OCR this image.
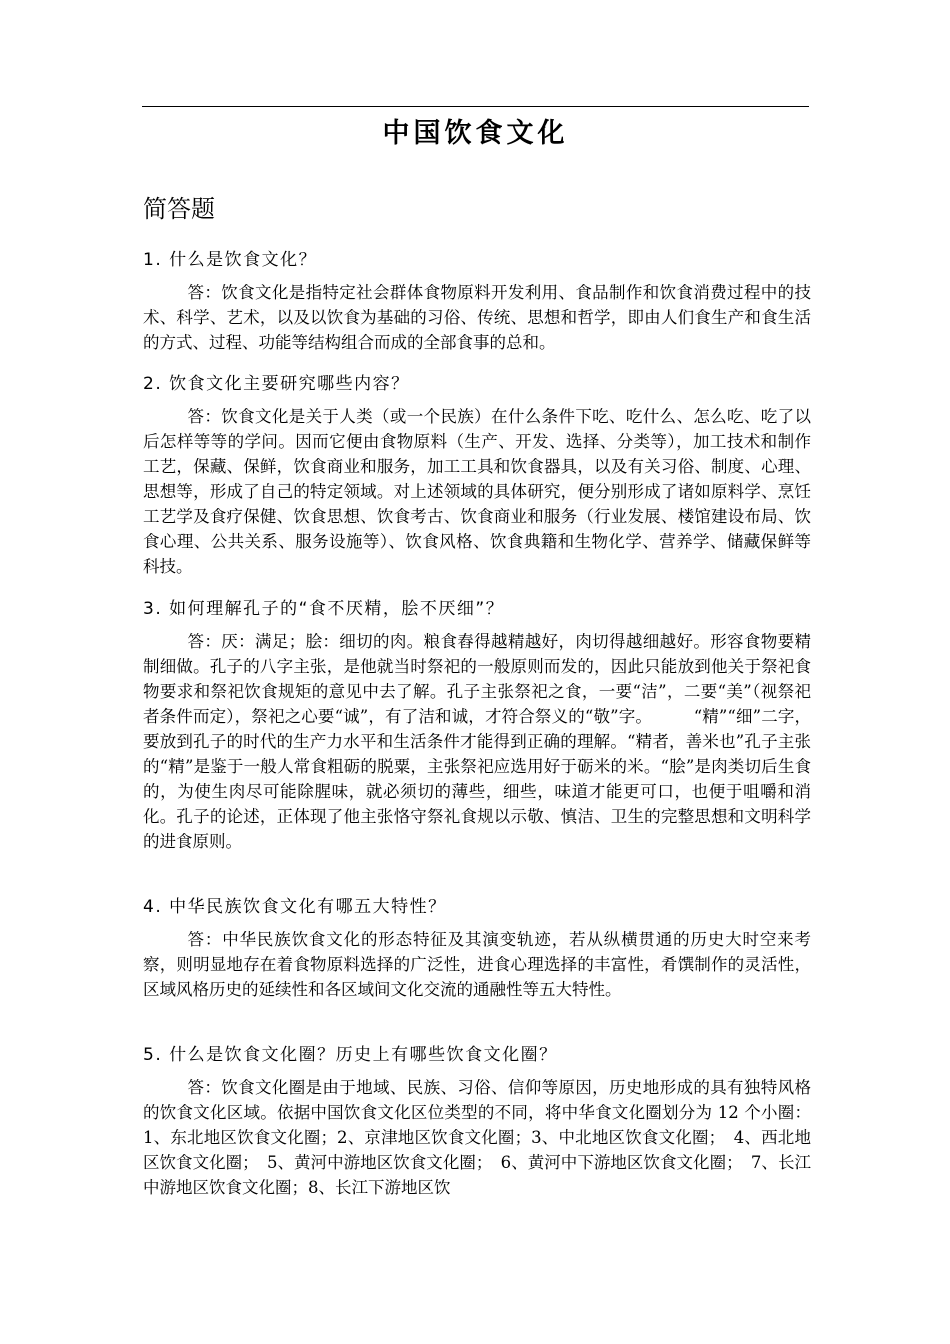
中国饮食文化
简答题
1. 什么是饮食文化？
答：饮食文化是指特定社会群体食物原料开发利用、食品制作和饮食消费过程中的技术、科学、艺术，以及以饮食为基础的习俗、传统、思想和哲学，即由人们食生产和食生活的方式、过程、功能等结构组合而成的全部食事的总和。
2. 饮食文化主要研究哪些内容？
答：饮食文化是关于人类（或一个民族）在什么条件下吃、吃什么、怎么吃、吃了以后怎样等等的学问。因而它便由食物原料（生产、开发、选择、分类等），加工技术和制作工艺，保藏、保鲜，饮食商业和服务，加工工具和饮食器具，以及有关习俗、制度、心理、思想等，形成了自己的特定领域。对上述领域的具体研究，便分别形成了诸如原料学、烹饪工艺学及食疗保健、饮食思想、饮食考古、饮食商业和服务（行业发展、楼馆建设布局、饮食心理、公共关系、服务设施等）、饮食风格、饮食典籍和生物化学、营养学、储藏保鲜等科技。
3. 如何理解孔子的“食不厌精，脍不厌细”？
答：厌：满足；脍：细切的肉。粮食舂得越精越好，肉切得越细越好。形容食物要精制细做。孔子的八字主张，是他就当时祭祀的一般原则而发的，因此只能放到他关于祭祀食物要求和祭祀饮食规矩的意见中去了解。孔子主张祭祀之食，一要“洁”，二要“美”（视祭祀者条件而定），祭祀之心要“诚”，有了洁和诚，才符合祭义的“敬”字。　　　“精”“细”二字，要放到孔子的时代的生产力水平和生活条件才能得到正确的理解。“精者，善米也”孔子主张的“精”是鉴于一般人常食粗砺的脱粟，主张祭祀应选用好于砺米的米。“脍”是肉类切后生食的，为使生肉尽可能除腥味，就必须切的薄些，细些，味道才能更可口，也便于咀嚼和消化。孔子的论述，正体现了他主张恪守祭礼食规以示敬、慎洁、卫生的完整思想和文明科学的进食原则。
4. 中华民族饮食文化有哪五大特性？
答：中华民族饮食文化的形态特征及其演变轨迹，若从纵横贯通的历史大时空来考察，则明显地存在着食物原料选择的广泛性，进食心理选择的丰富性，肴馔制作的灵活性，区域风格历史的延续性和各区域间文化交流的通融性等五大特性。
5. 什么是饮食文化圈？历史上有哪些饮食文化圈？
答：饮食文化圈是由于地域、民族、习俗、信仰等原因，历史地形成的具有独特风格的饮食文化区域。依据中国饮食文化区位类型的不同，将中华食文化圈划分为 12 个小圈：1、东北地区饮食文化圈；2、京津地区饮食文化圈；3、中北地区饮食文化圈；　4、西北地区饮食文化圈；　5、黄河中游地区饮食文化圈；　6、黄河中下游地区饮食文化圈；　7、长江中游地区饮食文化圈；8、长江下游地区饮
